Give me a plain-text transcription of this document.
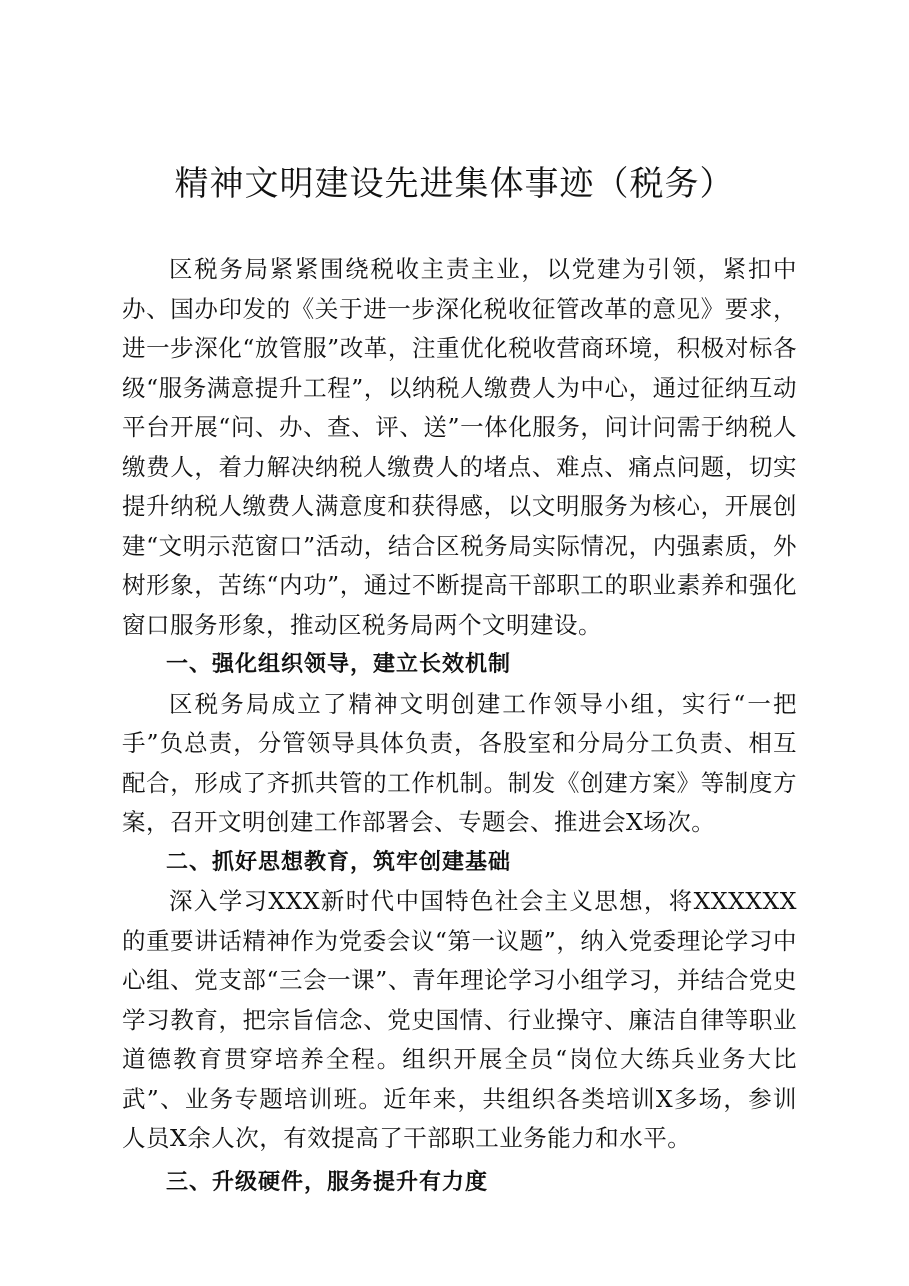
精神文明建设先进集体事迹（税务）

区税务局紧紧围绕税收主责主业，以党建为引领，紧扣中办、国办印发的《关于进一步深化税收征管改革的意见》要求，进一步深化“放管服”改革，注重优化税收营商环境，积极对标各级“服务满意提升工程”，以纳税人缴费人为中心，通过征纳互动平台开展“问、办、查、评、送”一体化服务，问计问需于纳税人缴费人，着力解决纳税人缴费人的堵点、难点、痛点问题，切实提升纳税人缴费人满意度和获得感，以文明服务为核心，开展创建“文明示范窗口”活动，结合区税务局实际情况，内强素质，外树形象，苦练“内功”，通过不断提高干部职工的职业素养和强化窗口服务形象，推动区税务局两个文明建设。

一、强化组织领导，建立长效机制

区税务局成立了精神文明创建工作领导小组，实行“一把手”负总责，分管领导具体负责，各股室和分局分工负责、相互配合，形成了齐抓共管的工作机制。制发《创建方案》等制度方案，召开文明创建工作部署会、专题会、推进会X场次。

二、抓好思想教育，筑牢创建基础

深入学习XXX新时代中国特色社会主义思想，将XXXXXX的重要讲话精神作为党委会议“第一议题”，纳入党委理论学习中心组、党支部“三会一课”、青年理论学习小组学习，并结合党史学习教育，把宗旨信念、党史国情、行业操守、廉洁自律等职业道德教育贯穿培养全程。组织开展全员“岗位大练兵业务大比武”、业务专题培训班。近年来，共组织各类培训X多场，参训人员X余人次，有效提高了干部职工业务能力和水平。

三、升级硬件，服务提升有力度
